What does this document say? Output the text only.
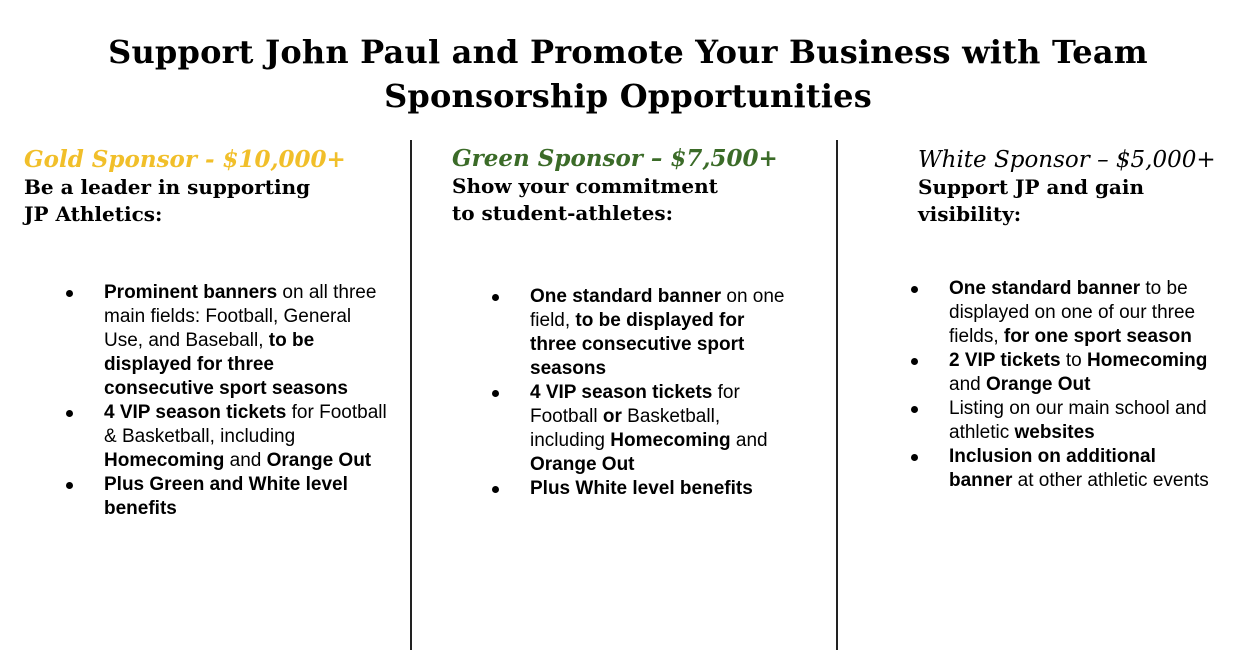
Support John Paul and Promote Your Business with Team Sponsorship Opportunities
Gold Sponsor - $10,000+
Be a leader in supporting
JP Athletics:
Prominent banners on all three main fields: Football, General Use, and Baseball, to be displayed for three consecutive sport seasons
4 VIP season tickets for Football & Basketball, including Homecoming and Orange Out
Plus Green and White level benefits
Green Sponsor – $7,500+
Show your commitment
to student-athletes:
One standard banner on one field, to be displayed for three consecutive sport seasons
4 VIP season tickets for Football or Basketball, including Homecoming and Orange Out
Plus White level benefits
White Sponsor – $5,000+
Support JP and gain
visibility:
One standard banner to be displayed on one of our three fields, for one sport season
2 VIP tickets to Homecoming and Orange Out
Listing on our main school and athletic websites
Inclusion on additional banner at other athletic events
